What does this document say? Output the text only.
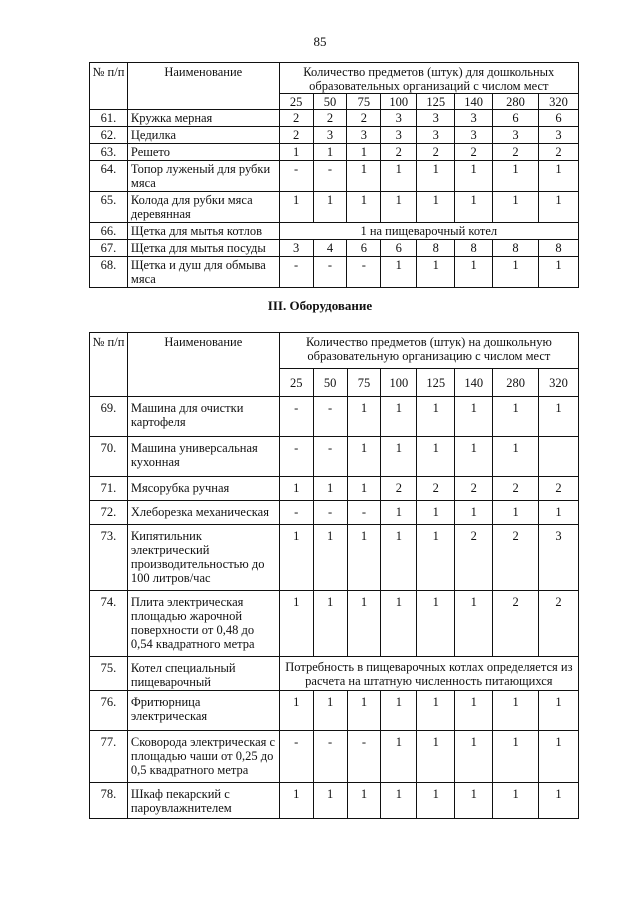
85
№ п/п	Наименование	Количество предметов (штук) для дошкольных образовательных организаций с числом мест							
		25	50	75	100	125	140	280	320
61.	Кружка мерная	2	2	2	3	3	3	6	6
62.	Цедилка	2	3	3	3	3	3	3	3
63.	Решето	1	1	1	2	2	2	2	2
64.	Топор луженый для рубки мяса	-	-	1	1	1	1	1	1
65.	Колода для рубки мяса деревянная	1	1	1	1	1	1	1	1
66.	Щетка для мытья котлов	1 на пищеварочный котел							
67.	Щетка для мытья посуды	3	4	6	6	8	8	8	8
68.	Щетка и душ для обмыва мяса	-	-	-	1	1	1	1	1
III. Оборудование
№ п/п	Наименование	Количество предметов (штук) на дошкольную образовательную организацию с числом мест							
		25	50	75	100	125	140	280	320
69.	Машина для очистки картофеля	-	-	1	1	1	1	1	1
70.	Машина универсальная кухонная	-	-	1	1	1	1	1	
71.	Мясорубка ручная	1	1	1	2	2	2	2	2
72.	Хлеборезка механическая	-	-	-	1	1	1	1	1
73.	Кипятильник электрический производительностью до 100 литров/час	1	1	1	1	1	2	2	3
74.	Плита электрическая площадью жарочной поверхности от 0,48 до 0,54 квадратного метра	1	1	1	1	1	1	2	2
75.	Котел специальный пищеварочный	Потребность в пищеварочных котлах определяется из расчета на штатную численность питающихся							
76.	Фритюрница электрическая	1	1	1	1	1	1	1	1
77.	Сковорода электрическая с площадью чаши от 0,25 до 0,5 квадратного метра	-	-	-	1	1	1	1	1
78.	Шкаф пекарский с пароувлажнителем	1	1	1	1	1	1	1	1
